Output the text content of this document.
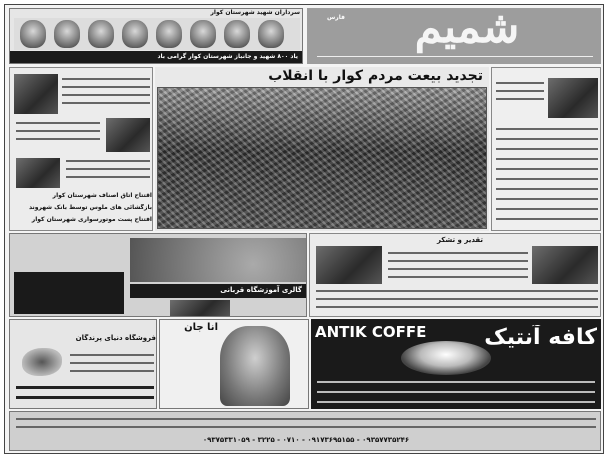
سرداران شهید شهرستان کوار
یاد ۸۰۰ شهید و جانباز شهرستان کوار گرامی باد
شمیم
فارس
اقتتاح اتاق اصناف شهرستان کوار
بازگشائی های ملوس توسط بانک شهروند
افتتاح پست موتورسواری شهرستان کوار
تجدید بیعت مردم کوار با انقلاب
گالری آموزشگاه قربانی
تقدیر و تشکر
فروشگاه دنیای پرندگان
آنا جان	ANTIK COFFE	کافه آنتیک
۰۹۳۵۷۷۳۵۲۴۶ - ۰۹۱۷۳۶۹۵۱۵۵ - ۰۷۱۰ - ۳۲۲۵ - ۰۹۳۷۵۳۳۱۰۵۹
